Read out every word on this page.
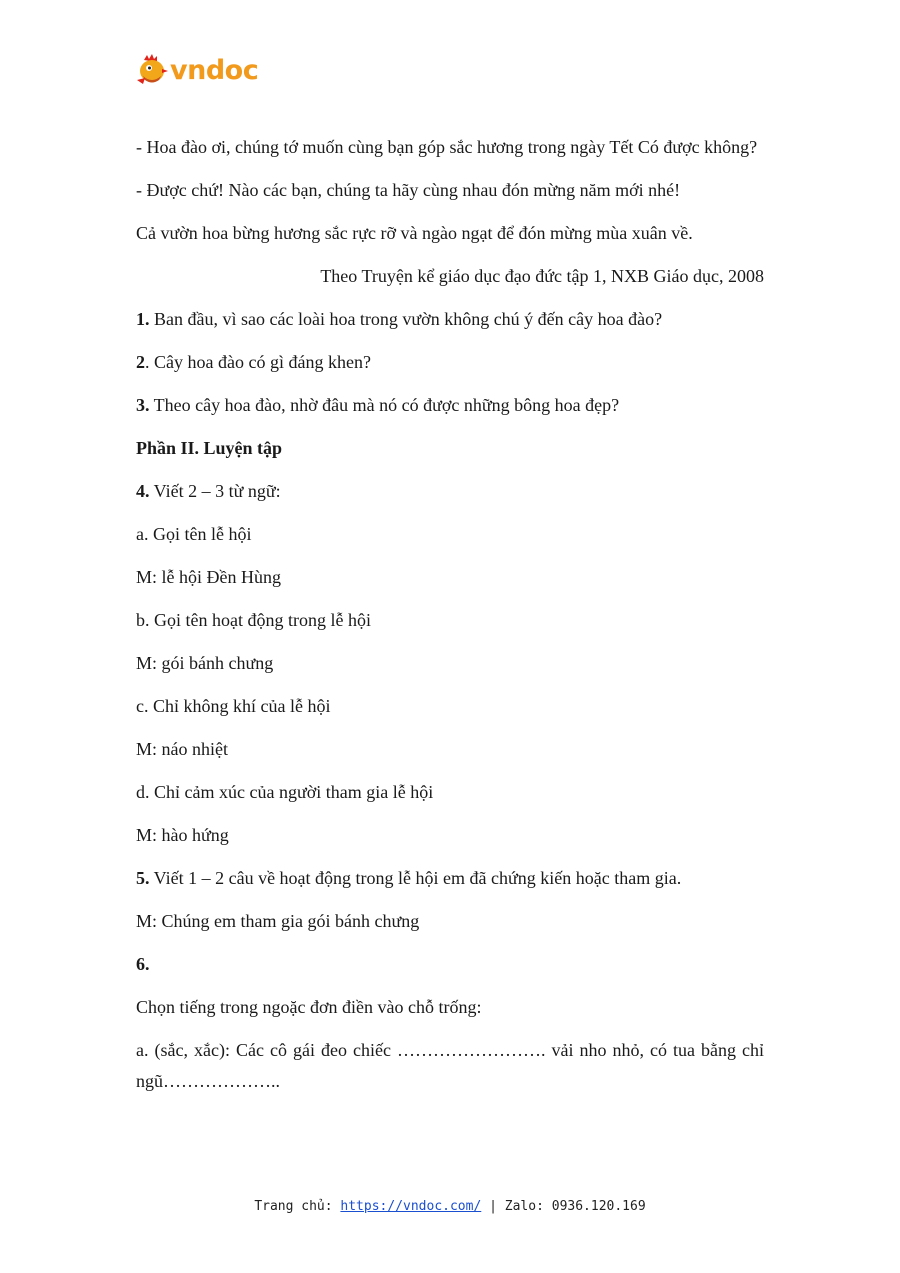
vndoc

- Hoa đào ơi, chúng tớ muốn cùng bạn góp sắc hương trong ngày Tết Có được không?

- Được chứ! Nào các bạn, chúng ta hãy cùng nhau đón mừng năm mới nhé!

Cả vườn hoa bừng hương sắc rực rỡ và ngào ngạt để đón mừng mùa xuân về.

Theo Truyện kể giáo dục đạo đức tập 1, NXB Giáo dục, 2008

1. Ban đầu, vì sao các loài hoa trong vườn không chú ý đến cây hoa đào?

2. Cây hoa đào có gì đáng khen?

3. Theo cây hoa đào, nhờ đâu mà nó có được những bông hoa đẹp?

Phần II. Luyện tập

4. Viết 2 – 3 từ ngữ:

a. Gọi tên lễ hội

M: lễ hội Đền Hùng

b. Gọi tên hoạt động trong lễ hội

M: gói bánh chưng

c. Chỉ không khí của lễ hội

M: náo nhiệt

d. Chỉ cảm xúc của người tham gia lễ hội

M: hào hứng

5. Viết 1 – 2 câu về hoạt động trong lễ hội em đã chứng kiến hoặc tham gia.

M: Chúng em tham gia gói bánh chưng

6.

Chọn tiếng trong ngoặc đơn điền vào chỗ trống:

a. (sắc, xắc): Các cô gái đeo chiếc ……………………. vải nho nhỏ, có tua bằng chỉ ngũ………………..

Trang chủ: https://vndoc.com/ | Zalo: 0936.120.169
